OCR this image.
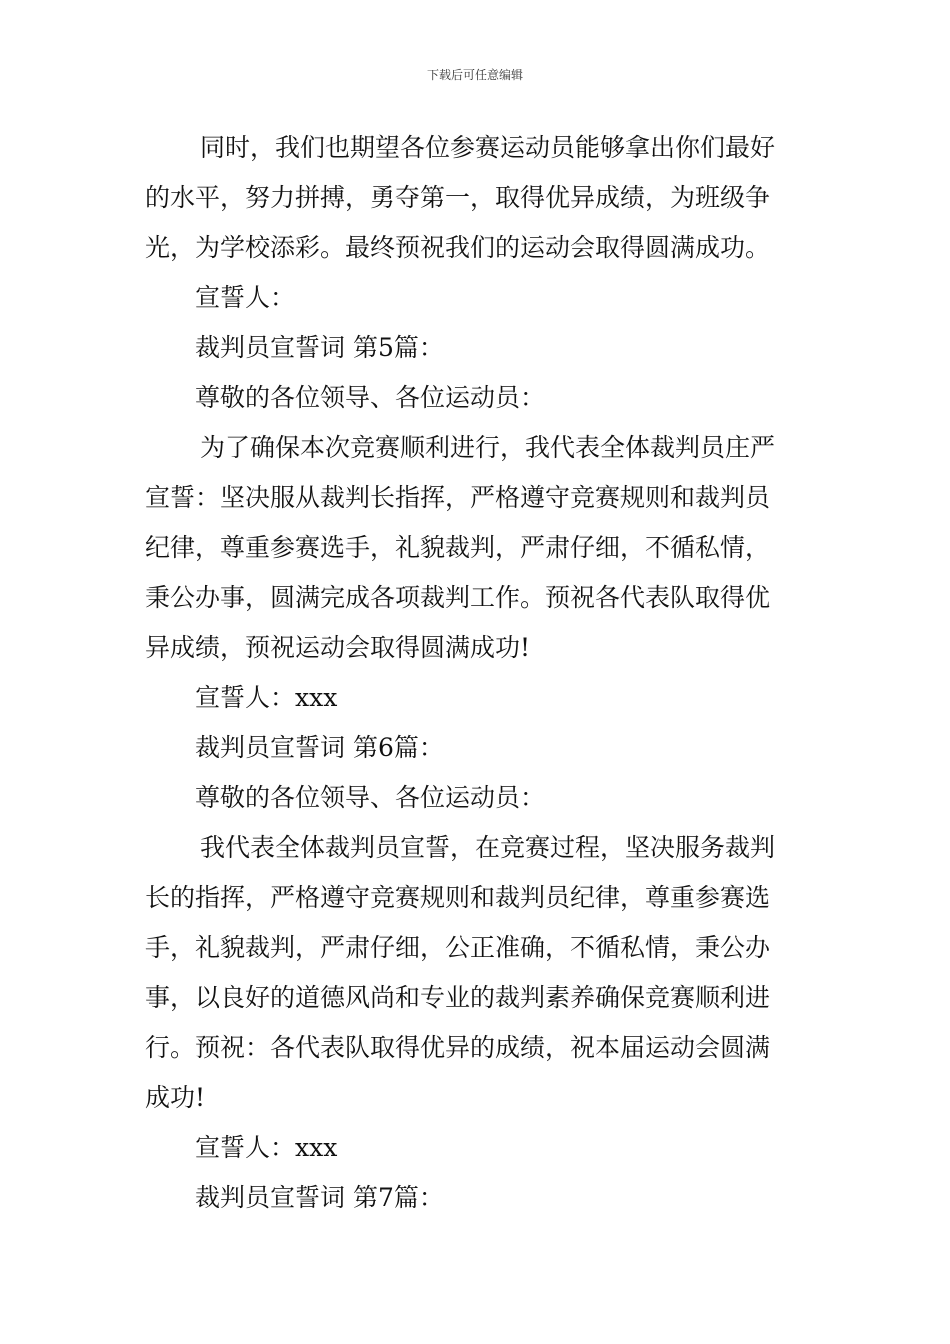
下载后可任意编辑
同时，我们也期望各位参赛运动员能够拿出你们最好
的水平，努力拼搏，勇夺第一，取得优异成绩，为班级争
光，为学校添彩。最终预祝我们的运动会取得圆满成功。
宣誓人：
裁判员宣誓词 第5篇：
尊敬的各位领导、各位运动员：
为了确保本次竞赛顺利进行，我代表全体裁判员庄严
宣誓：坚决服从裁判长指挥，严格遵守竞赛规则和裁判员
纪律，尊重参赛选手，礼貌裁判，严肃仔细，不循私情，
秉公办事，圆满完成各项裁判工作。预祝各代表队取得优
异成绩，预祝运动会取得圆满成功!
宣誓人：xxx
裁判员宣誓词 第6篇：
尊敬的各位领导、各位运动员：
我代表全体裁判员宣誓，在竞赛过程，坚决服务裁判
长的指挥，严格遵守竞赛规则和裁判员纪律，尊重参赛选
手，礼貌裁判，严肃仔细，公正准确，不循私情，秉公办
事，以良好的道德风尚和专业的裁判素养确保竞赛顺利进
行。预祝：各代表队取得优异的成绩，祝本届运动会圆满
成功!
宣誓人：xxx
裁判员宣誓词 第7篇：
